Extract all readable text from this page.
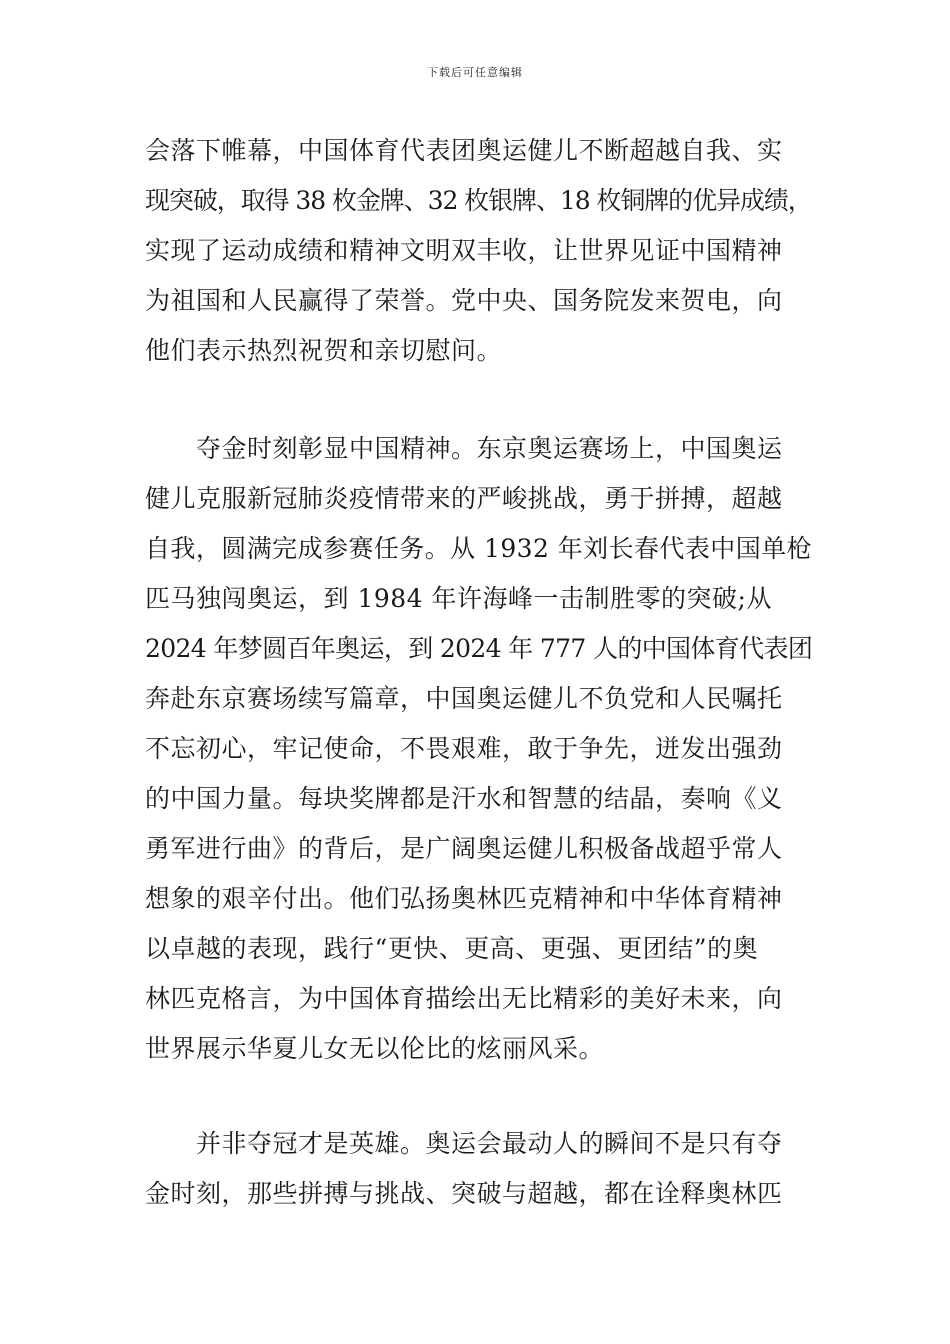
下载后可任意编辑
会落下帷幕，中国体育代表团奥运健儿不断超越自我、实
现突破，取得 38 枚金牌、32 枚银牌、18 枚铜牌的优异成绩，
实现了运动成绩和精神文明双丰收，让世界见证中国精神
为祖国和人民赢得了荣誉。党中央、国务院发来贺电，向
他们表示热烈祝贺和亲切慰问。
夺金时刻彰显中国精神。东京奥运赛场上，中国奥运
健儿克服新冠肺炎疫情带来的严峻挑战，勇于拼搏，超越
自我，圆满完成参赛任务。从 1932 年刘长春代表中国单枪
匹马独闯奥运，到 1984 年许海峰一击制胜零的突破;从
2024 年梦圆百年奥运，到 2024 年 777 人的中国体育代表团
奔赴东京赛场续写篇章，中国奥运健儿不负党和人民嘱托
不忘初心，牢记使命，不畏艰难，敢于争先，迸发出强劲
的中国力量。每块奖牌都是汗水和智慧的结晶，奏响《义
勇军进行曲》的背后，是广阔奥运健儿积极备战超乎常人
想象的艰辛付出。他们弘扬奥林匹克精神和中华体育精神
以卓越的表现，践行“更快、更高、更强、更团结”的奥
林匹克格言，为中国体育描绘出无比精彩的美好未来，向
世界展示华夏儿女无以伦比的炫丽风采。
并非夺冠才是英雄。奥运会最动人的瞬间不是只有夺
金时刻，那些拼搏与挑战、突破与超越，都在诠释奥林匹
